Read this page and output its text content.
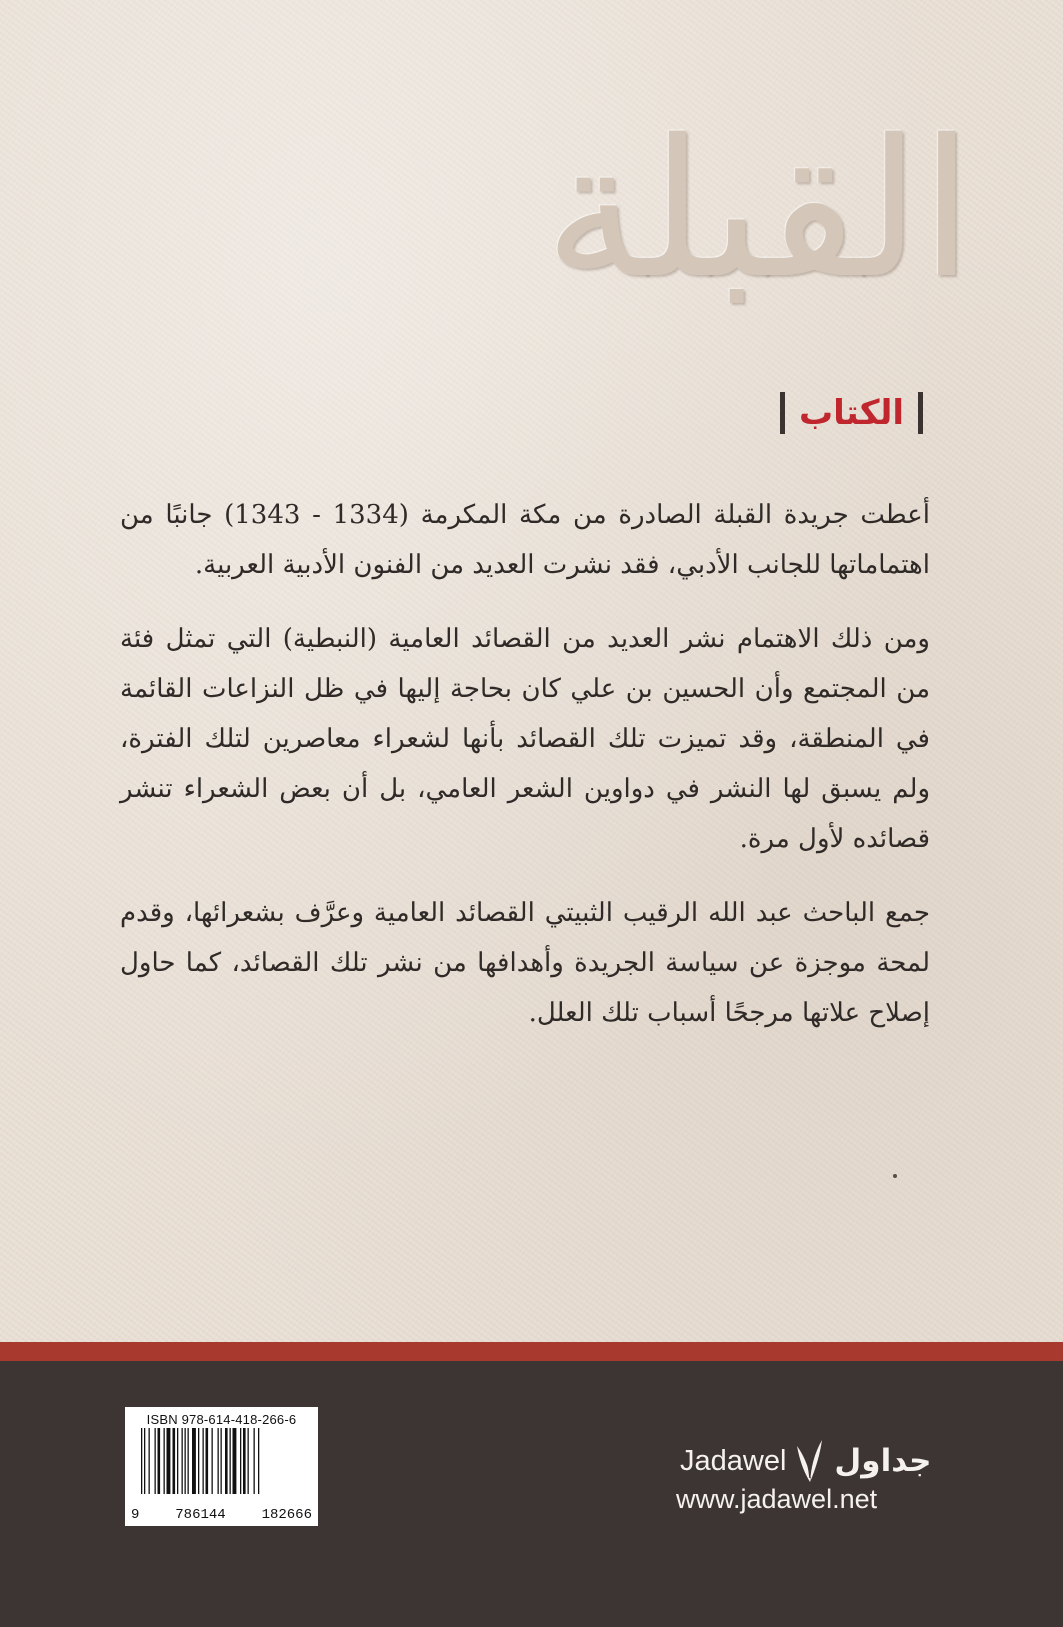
القبلة
الكتاب

أعطت جريدة القبلة الصادرة من مكة المكرمة (1334 - 1343) جانبًا من اهتماماتها للجانب الأدبي، فقد نشرت العديد من الفنون الأدبية العربية.

ومن ذلك الاهتمام نشر العديد من القصائد العامية (النبطية) التي تمثل فئة من المجتمع وأن الحسين بن علي كان بحاجة إليها في ظل النزاعات القائمة في المنطقة، وقد تميزت تلك القصائد بأنها لشعراء معاصرين لتلك الفترة، ولم يسبق لها النشر في دواوين الشعر العامي، بل أن بعض الشعراء تنشر قصائده لأول مرة.

جمع الباحث عبد الله الرقيب الثبيتي القصائد العامية وعرَّف بشعرائها، وقدم لمحة موجزة عن سياسة الجريدة وأهدافها من نشر تلك القصائد، كما حاول إصلاح علاتها مرجحًا أسباب تلك العلل.

ISBN 978-614-418-266-6
9	786144	182666
Jadawel جداول
www.jadawel.net
